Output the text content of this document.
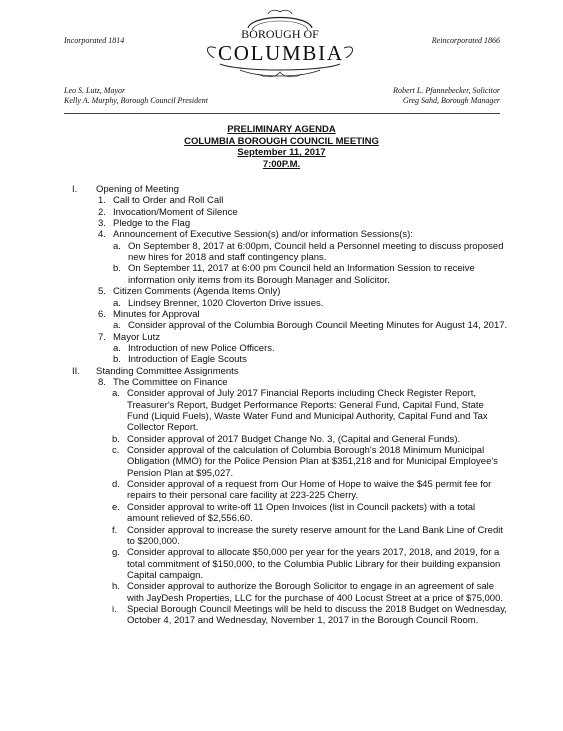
Incorporated 1814	Reincorporated 1866
BOROUGH OF
COLUMBIA
Leo S. Lutz, Mayor
Kelly A. Murphy, Borough Council President
Robert L. Pfannebecker, Solicitor
Greg Sahd, Borough Manager
PRELIMINARY AGENDA
COLUMBIA BOROUGH COUNCIL MEETING
September 11, 2017
7:00P.M.
I. Opening of Meeting
1. Call to Order and Roll Call
2. Invocation/Moment of Silence
3. Pledge to the Flag
4. Announcement of Executive Session(s) and/or information Sessions(s):
a. On September 8, 2017 at 6:00pm, Council held a Personnel meeting to discuss proposed
new hires for 2018 and staff contingency plans.
b. On September 11, 2017 at 6:00 pm Council held an Information Session to receive
information only items from its Borough Manager and Solicitor.
5. Citizen Comments (Agenda Items Only)
a. Lindsey Brenner, 1020 Cloverton Drive issues.
6. Minutes for Approval
a. Consider approval of the Columbia Borough Council Meeting Minutes for August 14, 2017.
7. Mayor Lutz
a. Introduction of new Police Officers.
b. Introduction of Eagle Scouts
II. Standing Committee Assignments
8. The Committee on Finance
a. Consider approval of July 2017 Financial Reports including Check Register Report,
Treasurer's Report, Budget Performance Reports: General Fund, Capital Fund, State
Fund (Liquid Fuels), Waste Water Fund and Municipal Authority, Capital Fund and Tax
Collector Report.
b. Consider approval of 2017 Budget Change No. 3, (Capital and General Funds).
c. Consider approval of the calculation of Columbia Borough's 2018 Minimum Municipal
Obligation (MMO) for the Police Pension Plan at $351,218 and for Municipal Employee's
Pension Plan at $95,027.
d. Consider approval of a request from Our Home of Hope to waive the $45 permit fee for
repairs to their personal care facility at 223-225 Cherry.
e. Consider approval to write-off 11 Open Invoices (list in Council packets) with a total
amount relieved of $2,556.60.
f. Consider approval to increase the surety reserve amount for the Land Bank Line of Credit
to $200,000.
g. Consider approval to allocate $50,000 per year for the years 2017, 2018, and 2019, for a
total commitment of $150,000, to the Columbia Public Library for their building expansion
Capital campaign.
h. Consider approval to authorize the Borough Solicitor to engage in an agreement of sale
with JayDesh Properties, LLC for the purchase of 400 Locust Street at a price of $75,000.
i. Special Borough Council Meetings will be held to discuss the 2018 Budget on Wednesday,
October 4, 2017 and Wednesday, November 1, 2017 in the Borough Council Room.
